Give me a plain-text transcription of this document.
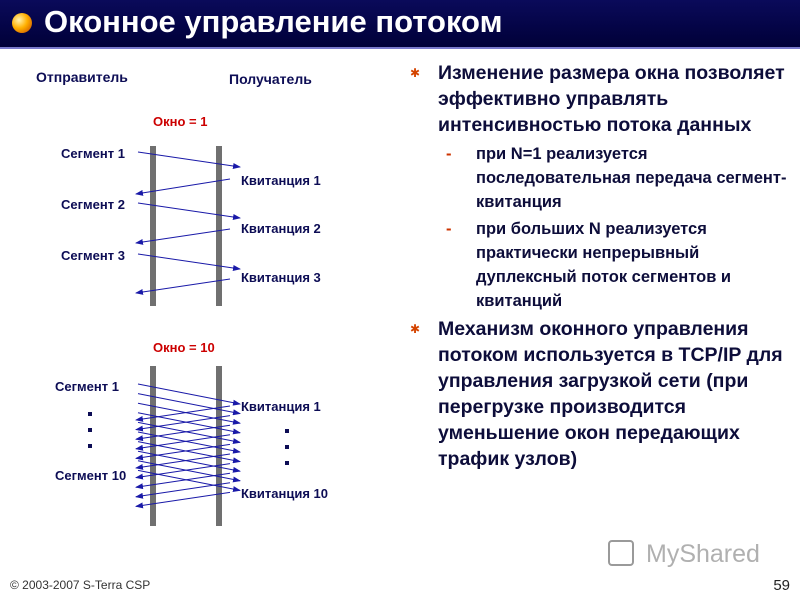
Оконное управление потоком
Отправитель	Получатель
Окно = 1
Сегмент 1
Сегмент 2
Сегмент 3
Квитанция 1
Квитанция 2
Квитанция 3
Окно = 10
Сегмент 1
Сегмент 10
Квитанция 1
Квитанция 10
✱ Изменение размера окна позволяет эффективно управлять интенсивностью потока данных
- при N=1 реализуется последовательная передача сегмент-квитанция
- при больших N реализуется практически непрерывный дуплексный поток сегментов и квитанций
✱ Механизм оконного управления потоком используется в TCP/IP для управления загрузкой сети (при перегрузке производится уменьшение окон передающих трафик узлов)
MyShared
© 2003-2007 S-Terra CSP	59
